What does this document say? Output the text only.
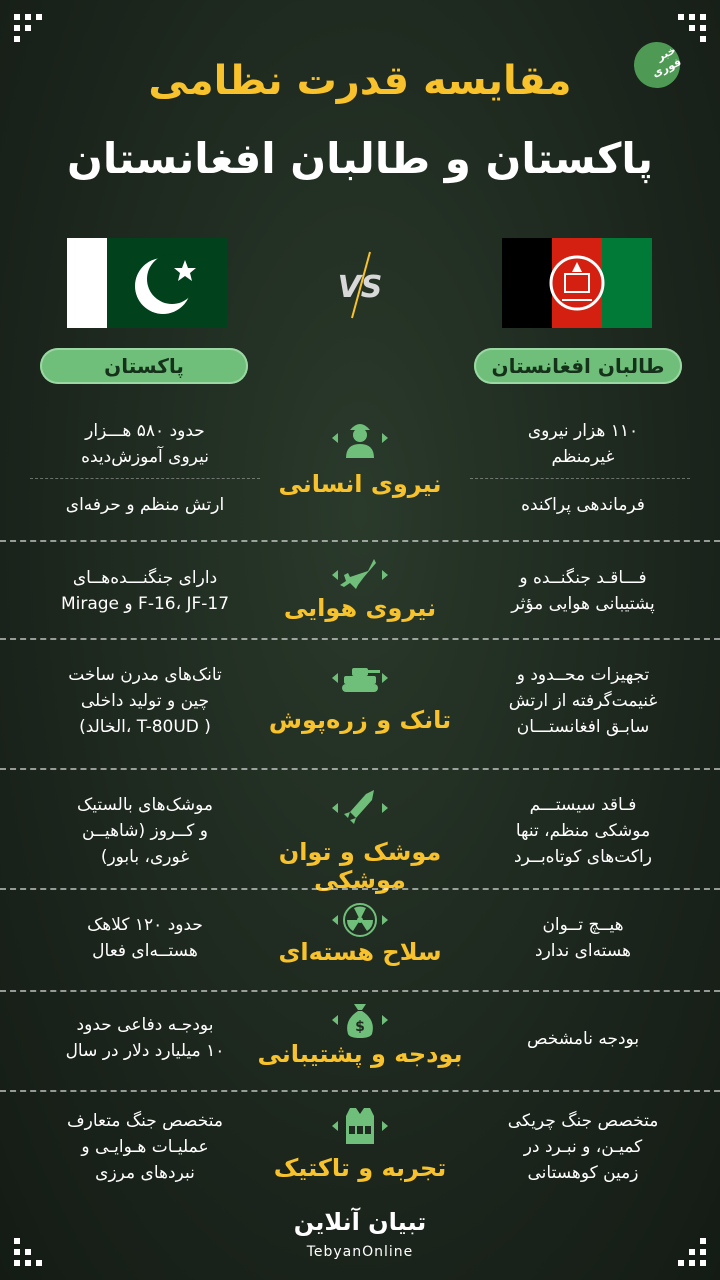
خبر فوری
مقایسه قدرت نظامی
پاکستان و طالبان افغانستان
VS
پاکستان	طالبان افغانستان
حدود ۵۸۰ هـــزار
نیروی آموزش‌دیده
ارتش منظم و حرفه‌ای
۱۱۰ هزار نیروی
غیرمنظم
فرماندهی پراکنده
نیروی انسانی
دارای جنگنـــده‌هــای
F-16، JF-17 و Mirage
فـــاقـد جنگنــده و
پشتیبانی هوایی مؤثر
نیروی هوایی
تانک‌های مدرن ساخت
چین و تولید داخلی
( T-80UD ،الخالد)
تجهیزات محــدود و
غنیمت‌گرفته از ارتش
سابـق افغانستـــان
تانک و زره‌پوش
موشک‌های بالستیک
و کــروز (شاهیــن
غوری، بابور)
فـاقد سیستـــم
موشکی منظم، تنها
راکت‌های کوتاه‌بــرد
موشک و توان موشکی
حدود ۱۲۰ کلاهک
هستــه‌ای فعال
هیــچ تــوان
هسته‌ای ندارد
سلاح هسته‌ای
بودجـه دفاعی حدود
۱۰ میلیارد دلار در سال
بودجه نامشخص
$
بودجه و پشتیبانی
متخصص جنگ متعارف
عملیـات هـوایـی و
نبردهای مرزی
متخصص جنگ چریکی
کمیـن، و نبـرد در
زمین کوهستانی
تجربه و تاکتیک
تبیان آنلاین
TebyanOnline
